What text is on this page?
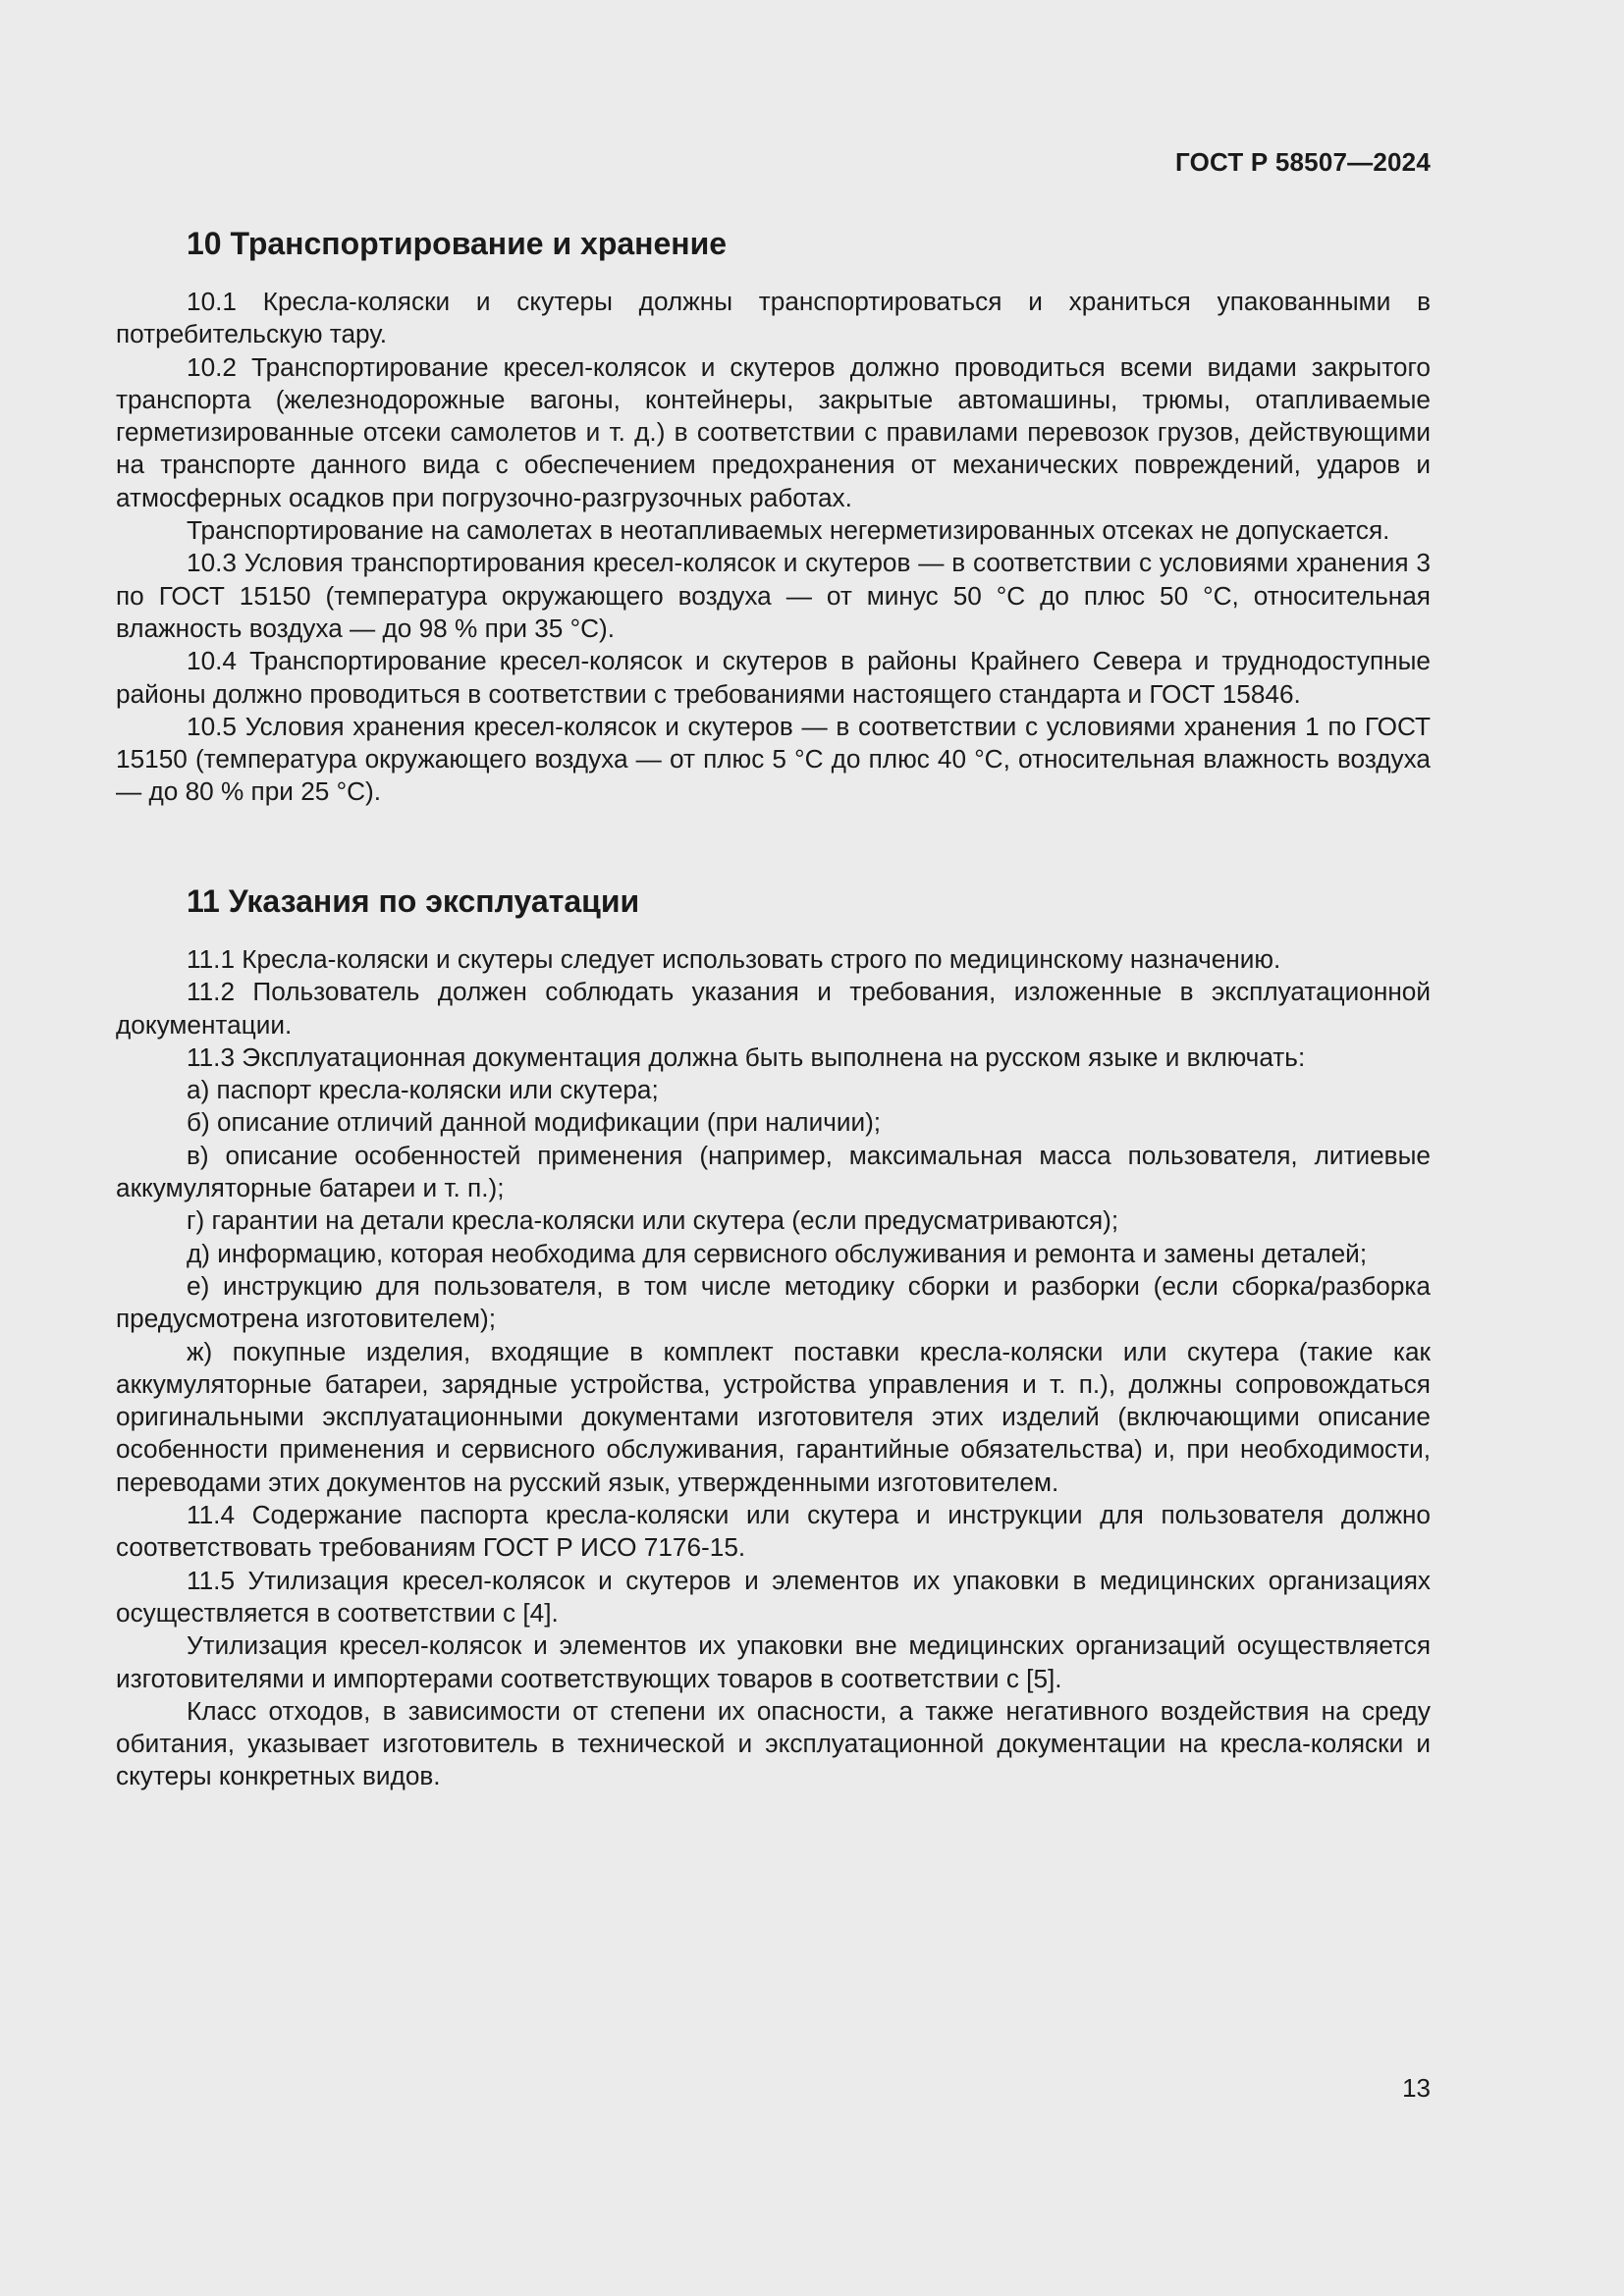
ГОСТ Р 58507—2024
10 Транспортирование и хранение

10.1 Кресла-коляски и скутеры должны транспортироваться и храниться упакованными в потребительскую тару.

10.2 Транспортирование кресел-колясок и скутеров должно проводиться всеми видами закрытого транспорта (железнодорожные вагоны, контейнеры, закрытые автомашины, трюмы, отапливаемые герметизированные отсеки самолетов и т. д.) в соответствии с правилами перевозок грузов, действующими на транспорте данного вида с обеспечением предохранения от механических повреждений, ударов и атмосферных осадков при погрузочно-разгрузочных работах.

Транспортирование на самолетах в неотапливаемых негерметизированных отсеках не допускается.

10.3 Условия транспортирования кресел-колясок и скутеров — в соответствии с условиями хранения 3 по ГОСТ 15150 (температура окружающего воздуха — от минус 50 °С до плюс 50 °С, относительная влажность воздуха — до 98 % при 35 °С).

10.4 Транспортирование кресел-колясок и скутеров в районы Крайнего Севера и труднодоступные районы должно проводиться в соответствии с требованиями настоящего стандарта и ГОСТ 15846.

10.5 Условия хранения кресел-колясок и скутеров — в соответствии с условиями хранения 1 по ГОСТ 15150 (температура окружающего воздуха — от плюс 5 °С до плюс 40 °С, относительная влажность воздуха — до 80 % при 25 °С).

11 Указания по эксплуатации

11.1 Кресла-коляски и скутеры следует использовать строго по медицинскому назначению.

11.2 Пользователь должен соблюдать указания и требования, изложенные в эксплуатационной документации.

11.3 Эксплуатационная документация должна быть выполнена на русском языке и включать:

а) паспорт кресла-коляски или скутера;

б) описание отличий данной модификации (при наличии);

в) описание особенностей применения (например, максимальная масса пользователя, литиевые аккумуляторные батареи и т. п.);

г) гарантии на детали кресла-коляски или скутера (если предусматриваются);

д) информацию, которая необходима для сервисного обслуживания и ремонта и замены деталей;

е) инструкцию для пользователя, в том числе методику сборки и разборки (если сборка/разборка предусмотрена изготовителем);

ж) покупные изделия, входящие в комплект поставки кресла-коляски или скутера (такие как аккумуляторные батареи, зарядные устройства, устройства управления и т. п.), должны сопровождаться оригинальными эксплуатационными документами изготовителя этих изделий (включающими описание особенности применения и сервисного обслуживания, гарантийные обязательства) и, при необходимости, переводами этих документов на русский язык, утвержденными изготовителем.

11.4 Содержание паспорта кресла-коляски или скутера и инструкции для пользователя должно соответствовать требованиям ГОСТ Р ИСО 7176-15.

11.5 Утилизация кресел-колясок и скутеров и элементов их упаковки в медицинских организациях осуществляется в соответствии с [4].

Утилизация кресел-колясок и элементов их упаковки вне медицинских организаций осуществляется изготовителями и импортерами соответствующих товаров в соответствии с [5].

Класс отходов, в зависимости от степени их опасности, а также негативного воздействия на среду обитания, указывает изготовитель в технической и эксплуатационной документации на кресла-коляски и скутеры конкретных видов.

13
